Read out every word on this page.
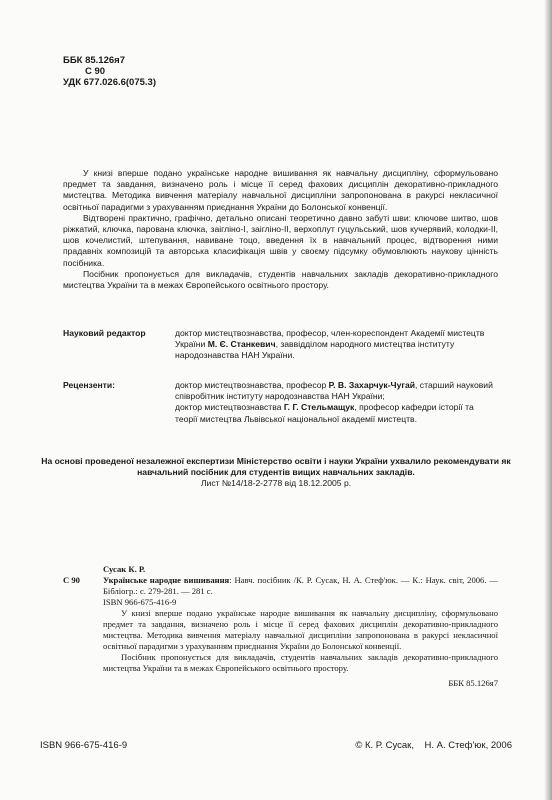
ББК 85.126я7
С 90
УДК 677.026.6(075.3)

У книзі вперше подано українське народне вишивання як навчальну дисципліну, сформульовано предмет та завдання, визначено роль і місце її серед фахових дисциплін декоративно-прикладного мистецтва. Методика вивчення матеріалу навчальної дисципліни запропонована в ракурсі некласичної освітньої парадигми з урахуванням приєднання України до Болонської конвенції.

Відтворені практично, графічно, детально описані теоретично давно забуті шви: ключове шитво, шов ріжкатий, ключка, парована ключка, заігліно-І, заігліно-ІІ, верхоплут гуцульський, шов кучерявий, колодки-ІІ, шов кочелистий, штепування, навиване тоцо, введення їх в навчальний процес, відтворення ними прадавніх композицій та авторська класифікація швів у своєму підсумку обумовлюють наукову цінність посібника.

Посібник пропонується для викладачів, студентів навчальних закладів декоративно-прикладного мистецтва України та в межах Європейського освітнього простору.

Науковий редактор	доктор мистецтвознавства, професор, член-кореспондент Академії мистецтв України М. Є. Станкевич, заввідділом народного мистецтва інституту народознавства НАН України.
Рецензенти:	доктор мистецтвознавства, професор Р. В. Захарчук-Чугай, старший науковий співробітник інституту народознавства НАН України;
доктор мистецтвознавства Г. Г. Стельмащук, професор кафедри історії та теорії мистецтва Львівської національної академії мистецтв.
На основі проведеної незалежної експертизи Міністерство освіти і науки України ухвалило рекомендувати як навчальний посібник для студентів вищих навчальних закладів.
Лист №14/18-2-2778 від 18.12.2005 р.
Сусак К. Р.
С 90	Українське народне вишивання: Навч. посібник /К. Р. Сусак, Н. А. Стеф'юк. — К.: Наук. світ, 2006. — Бібліогр.: с. 279-281. — 281 с.
ISBN 966-675-416-9

У книзі вперше подано українське народне вишивання як навчальну дисципліну, сформульовано предмет та завдання, визначено роль і місце її серед фахових дисциплін декоративно-прикладного мистецтва. Методика вивчення матеріалу навчальної дисципліни запропонована в ракурсі некласичної освітньої парадигми з урахуванням приєднання України до Болонської конвенції.

Посібник пропонується для викладачів, студентів навчальних закладів декоративно-прикладного мистецтва України та в межах Європейського освітнього простору.

ББК 85.126я7
ISBN 966-675-416-9	© К. Р. Сусак,    Н. А. Стеф'юк, 2006
